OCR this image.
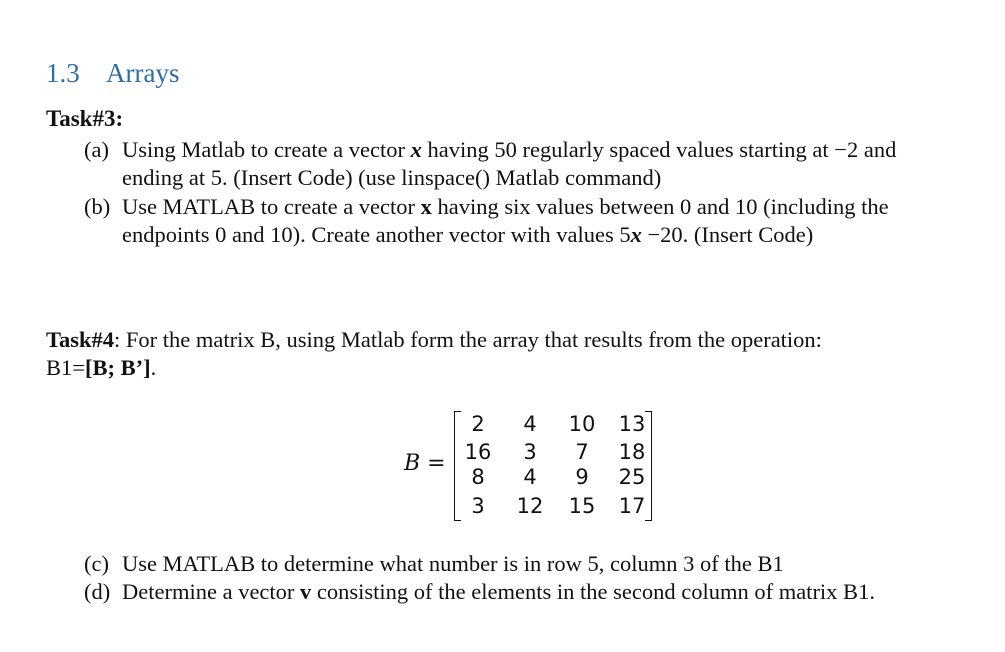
1.3 Arrays
Task#3:
(a) Using Matlab to create a vector x having 50 regularly spaced values starting at −2 and
ending at 5. (Insert Code) (use linspace() Matlab command)
(b) Use MATLAB to create a vector x having six values between 0 and 10 (including the
endpoints 0 and 10). Create another vector with values 5x −20. (Insert Code)
Task#4: For the matrix B, using Matlab form the array that results from the operation:
B1=[B; B’].
B =
2	4	10	13
16	3	7	18
8	4	9	25
3	12	15	17
(c) Use MATLAB to determine what number is in row 5, column 3 of the B1
(d) Determine a vector v consisting of the elements in the second column of matrix B1.
